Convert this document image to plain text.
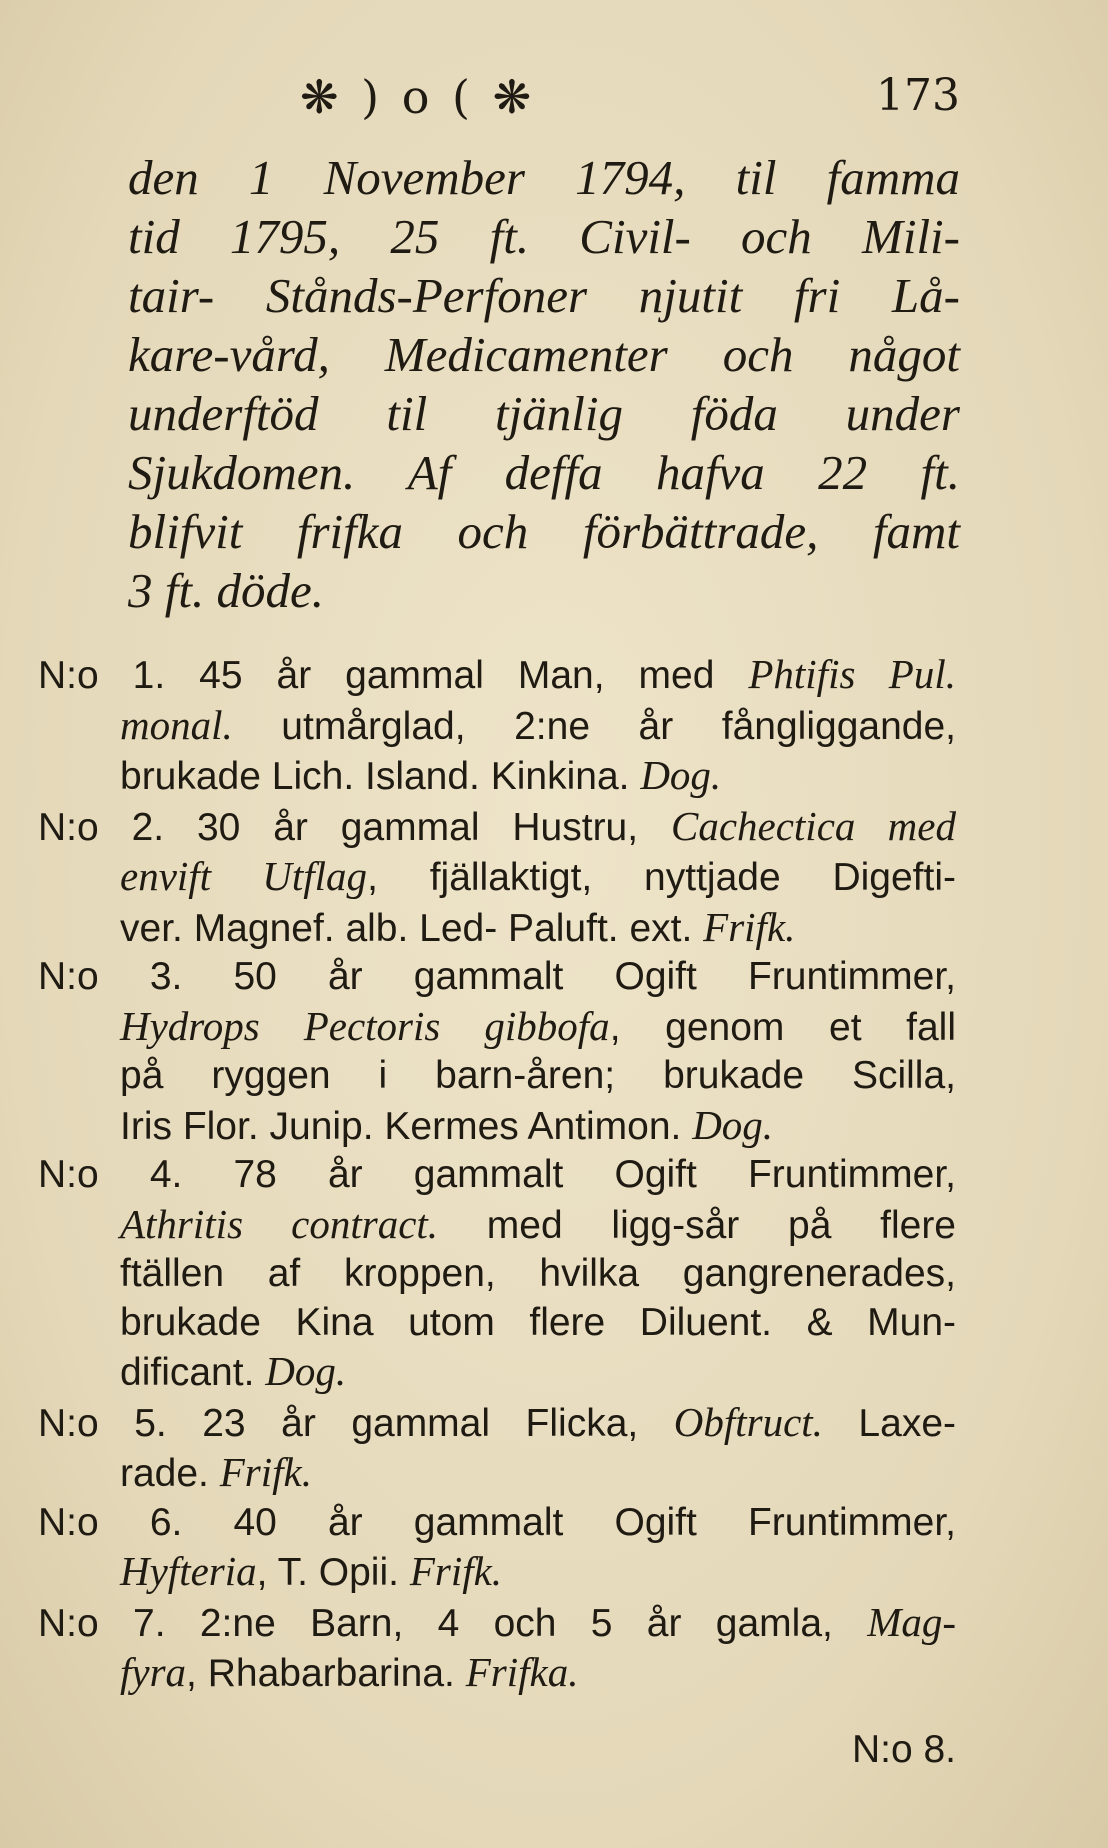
❋ ) o ( ❋	173
den 1 November 1794, til famma
tid 1795, 25 ft. Civil- och Mili-
tair- Stånds-Perfoner njutit fri Lå-
kare-vård, Medicamenter och något
underftöd til tjänlig föda under
Sjukdomen. Af deffa hafva 22 ft.
blifvit frifka och förbättrade, famt
3 ft. döde.
N:o 1. 45 år gammal Man, med Phtifis Pul.
monal. utmårglad, 2:ne år fångliggande,
brukade Lich. Island. Kinkina. Dog.
N:o 2. 30 år gammal Hustru, Cachectica med
envift Utflag, fjällaktigt, nyttjade Digefti-
ver. Magnef. alb. Led- Paluft. ext. Frifk.
N:o 3. 50 år gammalt Ogift Fruntimmer,
Hydrops Pectoris gibbofa, genom et fall
på ryggen i barn-åren; brukade Scilla,
Iris Flor. Junip. Kermes Antimon. Dog.
N:o 4. 78 år gammalt Ogift Fruntimmer,
Athritis contract. med ligg-sår på flere
ftällen af kroppen, hvilka gangrenerades,
brukade Kina utom flere Diluent. & Mun-
dificant. Dog.
N:o 5. 23 år gammal Flicka, Obftruct. Laxe-
rade. Frifk.
N:o 6. 40 år gammalt Ogift Fruntimmer,
Hyfteria, T. Opii. Frifk.
N:o 7. 2:ne Barn, 4 och 5 år gamla, Mag-
fyra, Rhabarbarina. Frifka.
N:o 8.
